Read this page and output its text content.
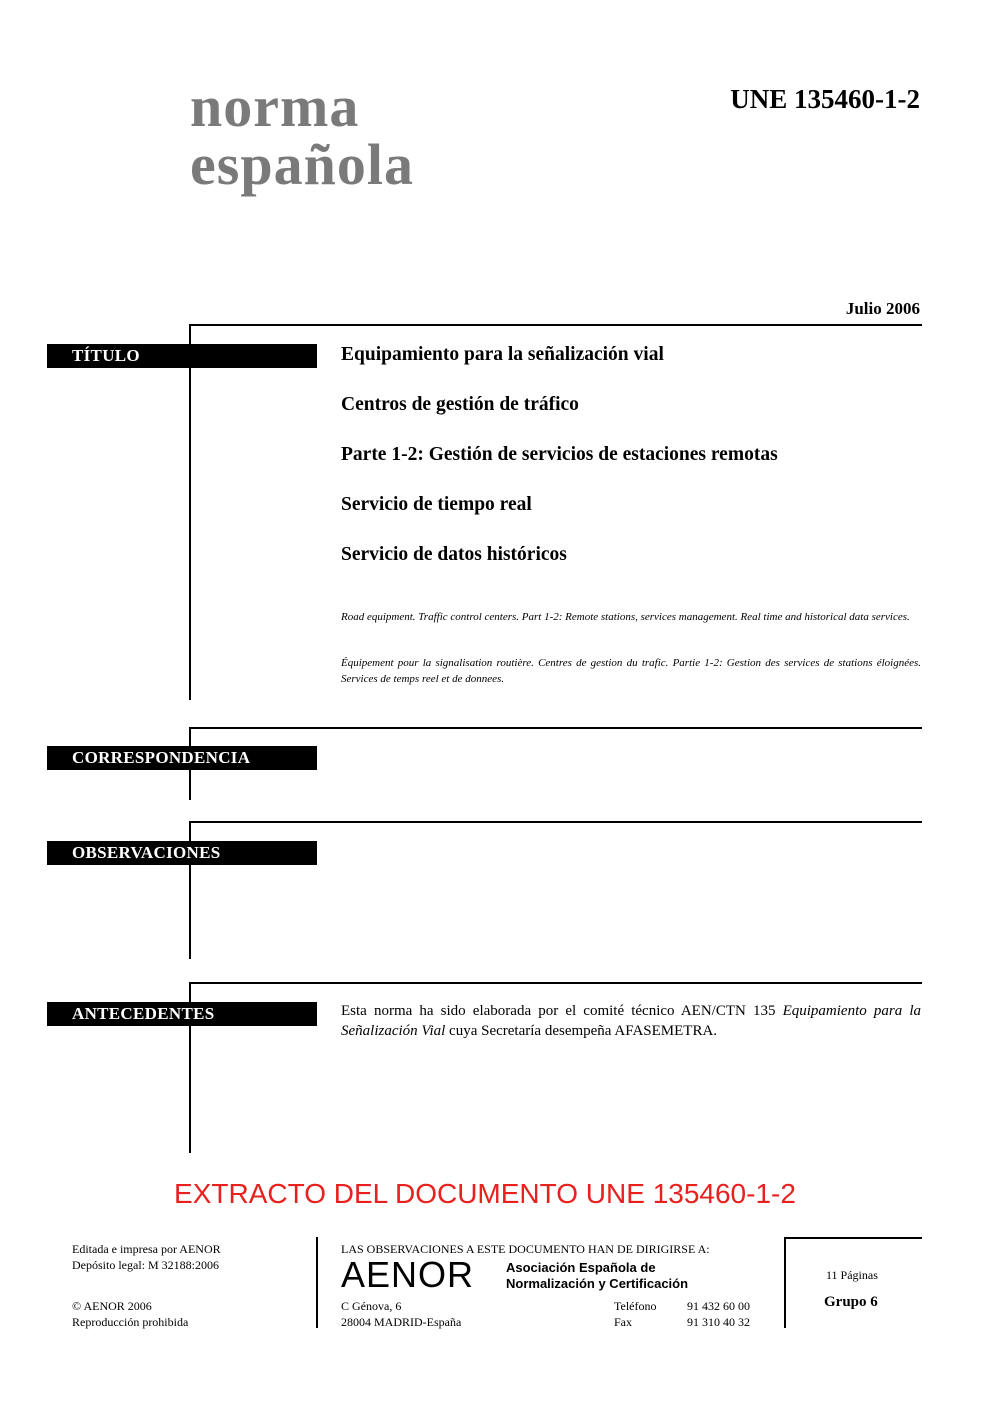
norma
española
UNE 135460-1-2
Julio 2006
TÍTULO	Equipamiento para la señalización vial
Centros de gestión de tráfico
Parte 1-2: Gestión de servicios de estaciones remotas
Servicio de tiempo real
Servicio de datos históricos
Road equipment. Traffic control centers. Part 1-2: Remote stations, services management. Real time and historical data services.
Équipement pour la signalisation routière. Centres de gestion du trafic. Partie 1-2: Gestion des services de stations éloignées. Services de temps reel et de donnees.
CORRESPONDENCIA
OBSERVACIONES
ANTECEDENTES	Esta norma ha sido elaborada por el comité técnico AEN/CTN 135 Equipamiento para la Señalización Vial cuya Secretaría desempeña AFASEMETRA.
EXTRACTO DEL DOCUMENTO UNE 135460-1-2
Editada e impresa por AENOR
Depósito legal: M 32188:2006
© AENOR 2006
Reproducción prohibida
LAS OBSERVACIONES A ESTE DOCUMENTO HAN DE DIRIGIRSE A:
AENOR Asociación Española de
Normalización y Certificación
C Génova, 6
28004 MADRID-España
Teléfono
Fax
91 432 60 00
91 310 40 32
11 Páginas
Grupo 6
